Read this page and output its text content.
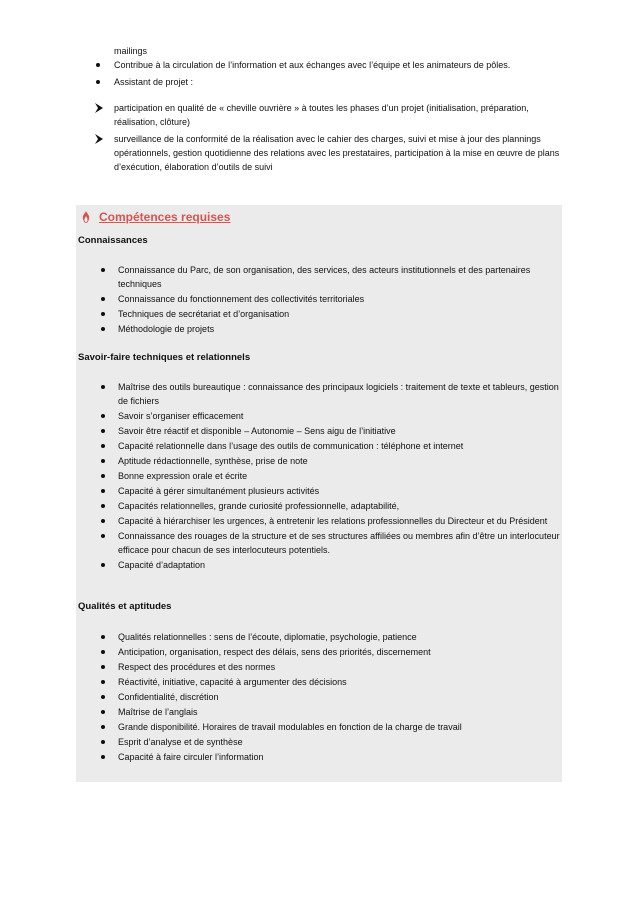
mailings
Contribue à la circulation de l’information et aux échanges avec l’équipe et les animateurs de pôles.
Assistant de projet :
participation en qualité de « cheville ouvrière » à toutes les phases d’un projet (initialisation, préparation, réalisation, clôture)
surveillance de la conformité de la réalisation avec le cahier des charges, suivi et mise à jour des plannings opérationnels, gestion quotidienne des relations avec les prestataires, participation à la mise en œuvre de plans d’exécution, élaboration d’outils de suivi
Compétences requises
Connaissances
Connaissance du Parc, de son organisation, des services, des acteurs institutionnels et des partenaires techniques
Connaissance du fonctionnement des collectivités territoriales
Techniques de secrétariat et d’organisation
Méthodologie de projets
Savoir-faire techniques et relationnels
Maîtrise des outils bureautique : connaissance des principaux logiciels : traitement de texte et tableurs, gestion de fichiers
Savoir s’organiser efficacement
Savoir être réactif et disponible – Autonomie – Sens aigu de l’initiative
Capacité relationnelle dans l’usage des outils de communication : téléphone et internet
Aptitude rédactionnelle, synthèse, prise de note
Bonne expression orale et écrite
Capacité à gérer simultanément plusieurs activités
Capacités relationnelles, grande curiosité professionnelle, adaptabilité,
Capacité à hiérarchiser les urgences, à entretenir les relations professionnelles du Directeur et du Président
Connaissance des rouages de la structure et de ses structures affiliées ou membres afin d’être un interlocuteur efficace pour chacun de ses interlocuteurs potentiels.
Capacité d’adaptation
Qualités et aptitudes
Qualités relationnelles : sens de l’écoute, diplomatie, psychologie, patience
Anticipation, organisation, respect des délais, sens des priorités, discernement
Respect des procédures et des normes
Réactivité, initiative, capacité à argumenter des décisions
Confidentialité, discrétion
Maîtrise de l’anglais
Grande disponibilité. Horaires de travail modulables en fonction de la charge de travail
Esprit d’analyse et de synthèse
Capacité à faire circuler l’information
